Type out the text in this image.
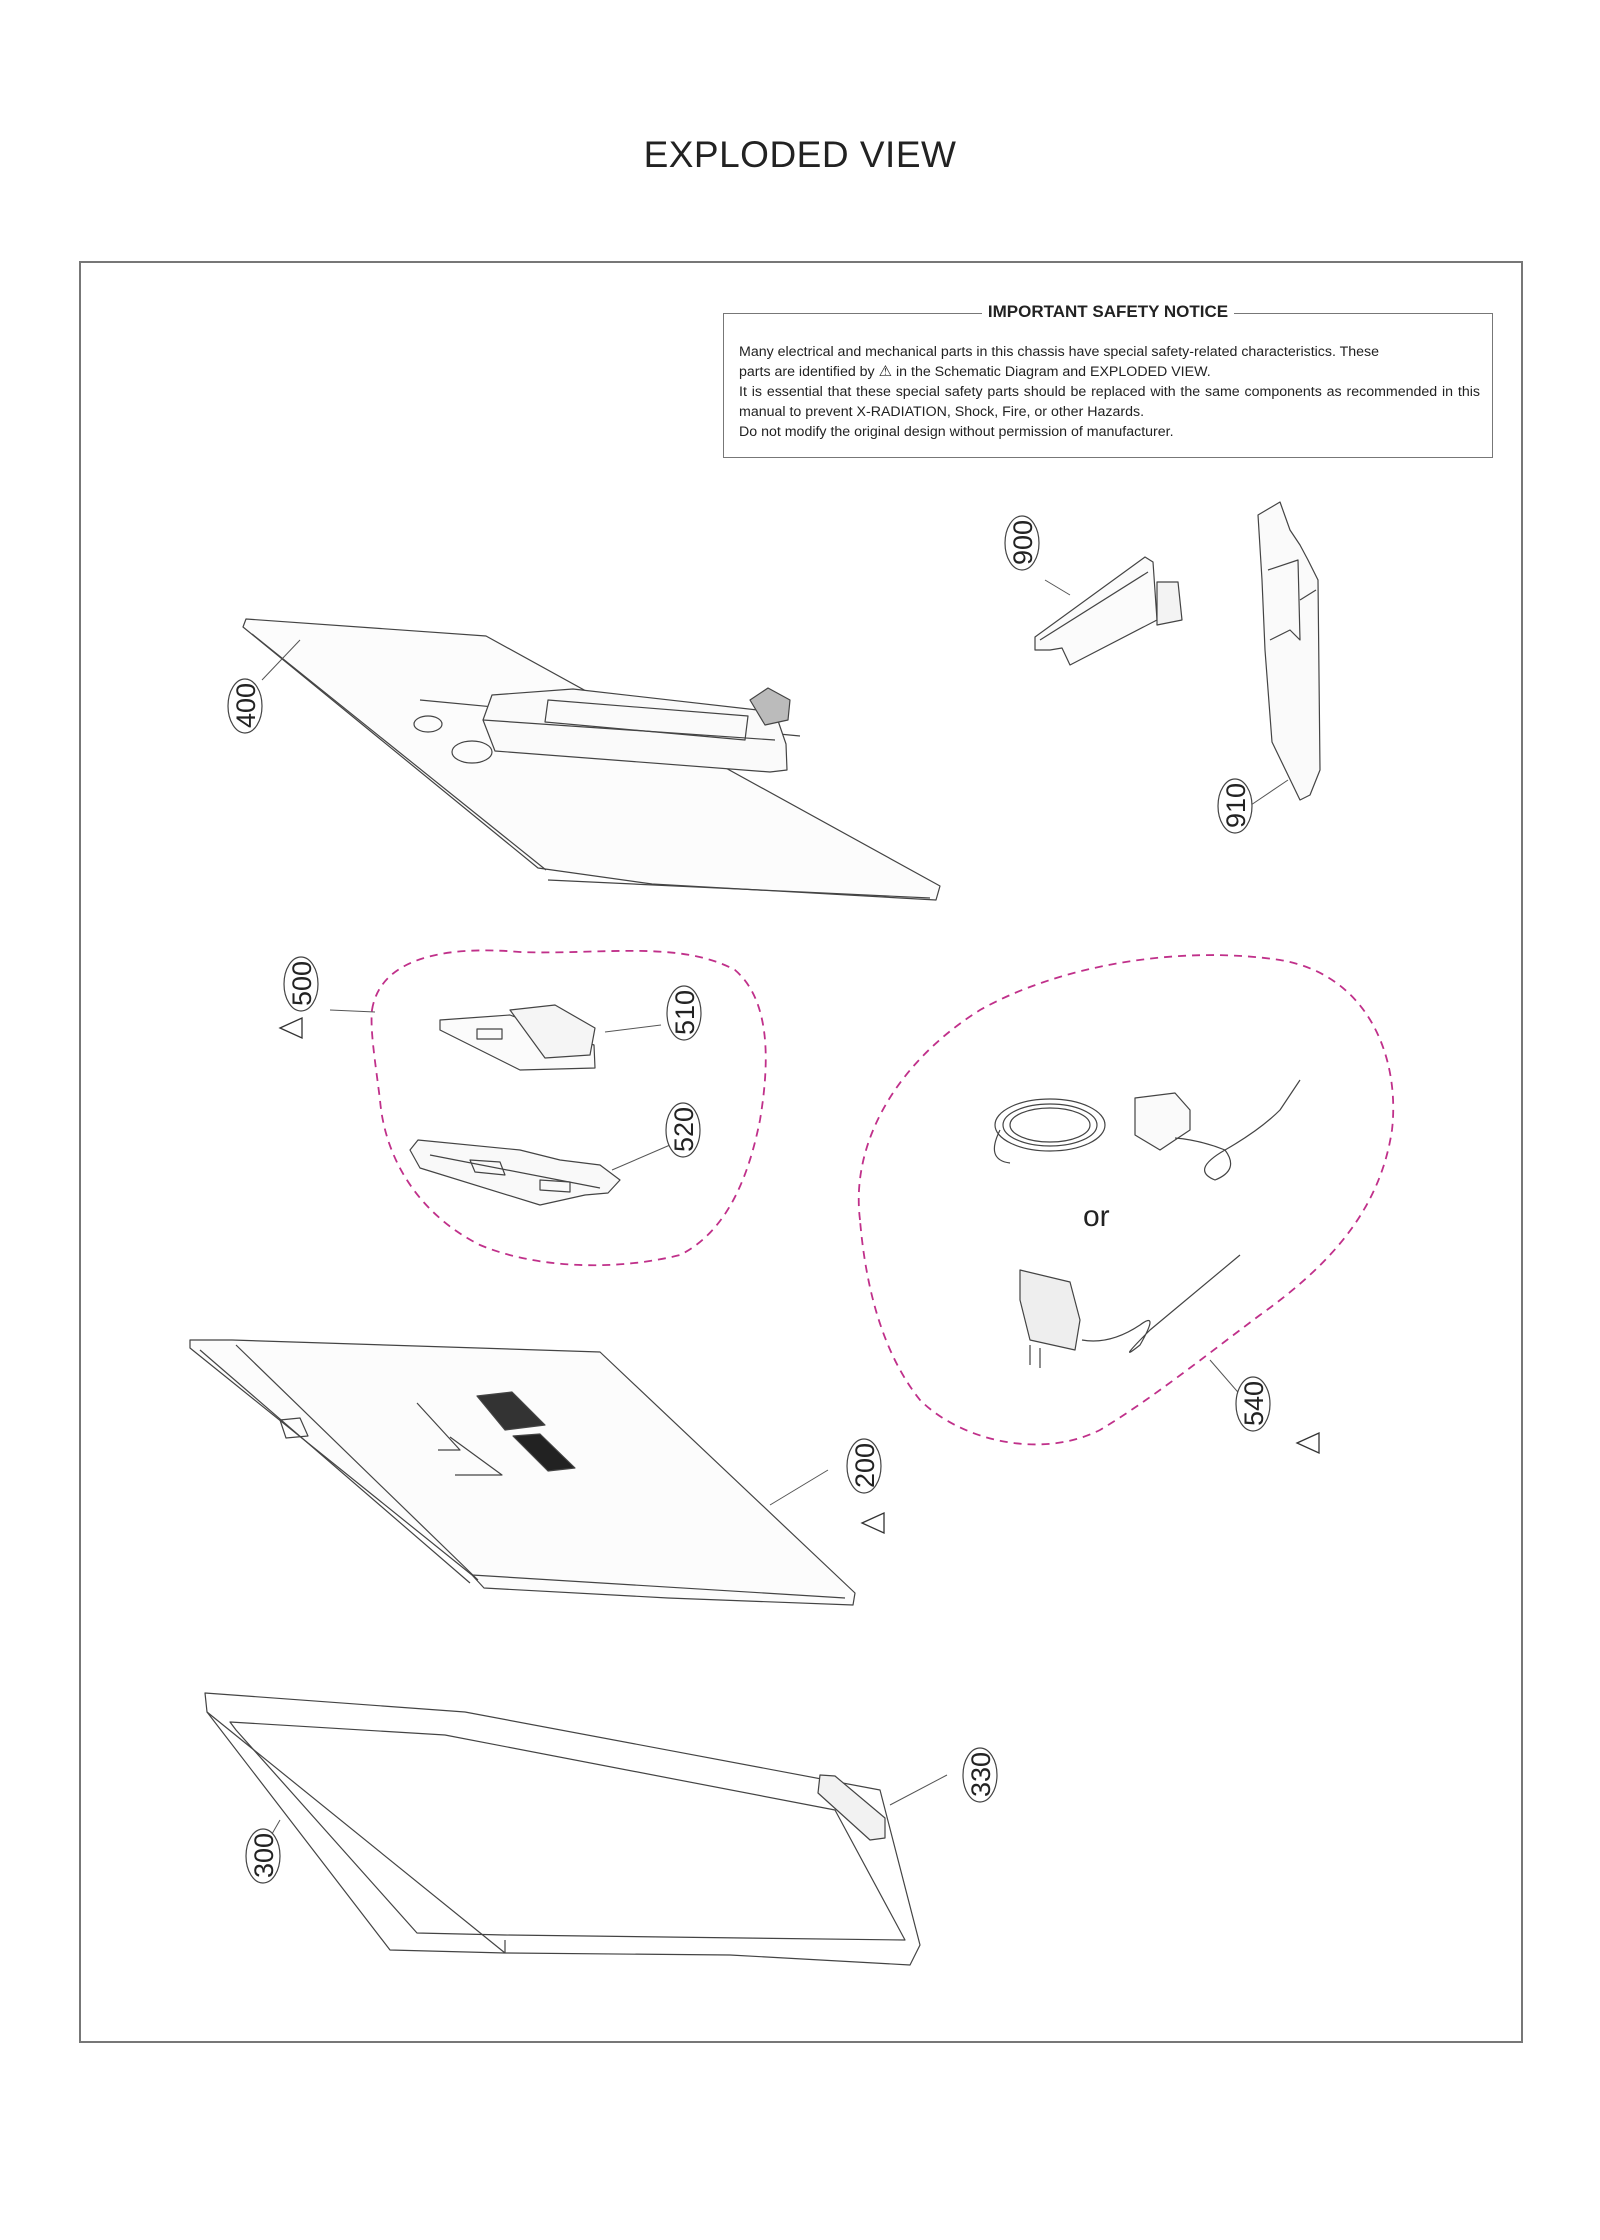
EXPLODED VIEW
IMPORTANT SAFETY NOTICE

Many electrical and mechanical parts in this chassis have special safety-related characteristics. These

parts are identified by ⚠ in the Schematic Diagram and EXPLODED VIEW.

It is essential that these special safety parts should be replaced with the same components as recommended in this manual to prevent X-RADIATION, Shock, Fire, or other Hazards.

Do not modify the original design without permission of manufacturer.

400
900
910
500
510
520
540
200
300
330
or
